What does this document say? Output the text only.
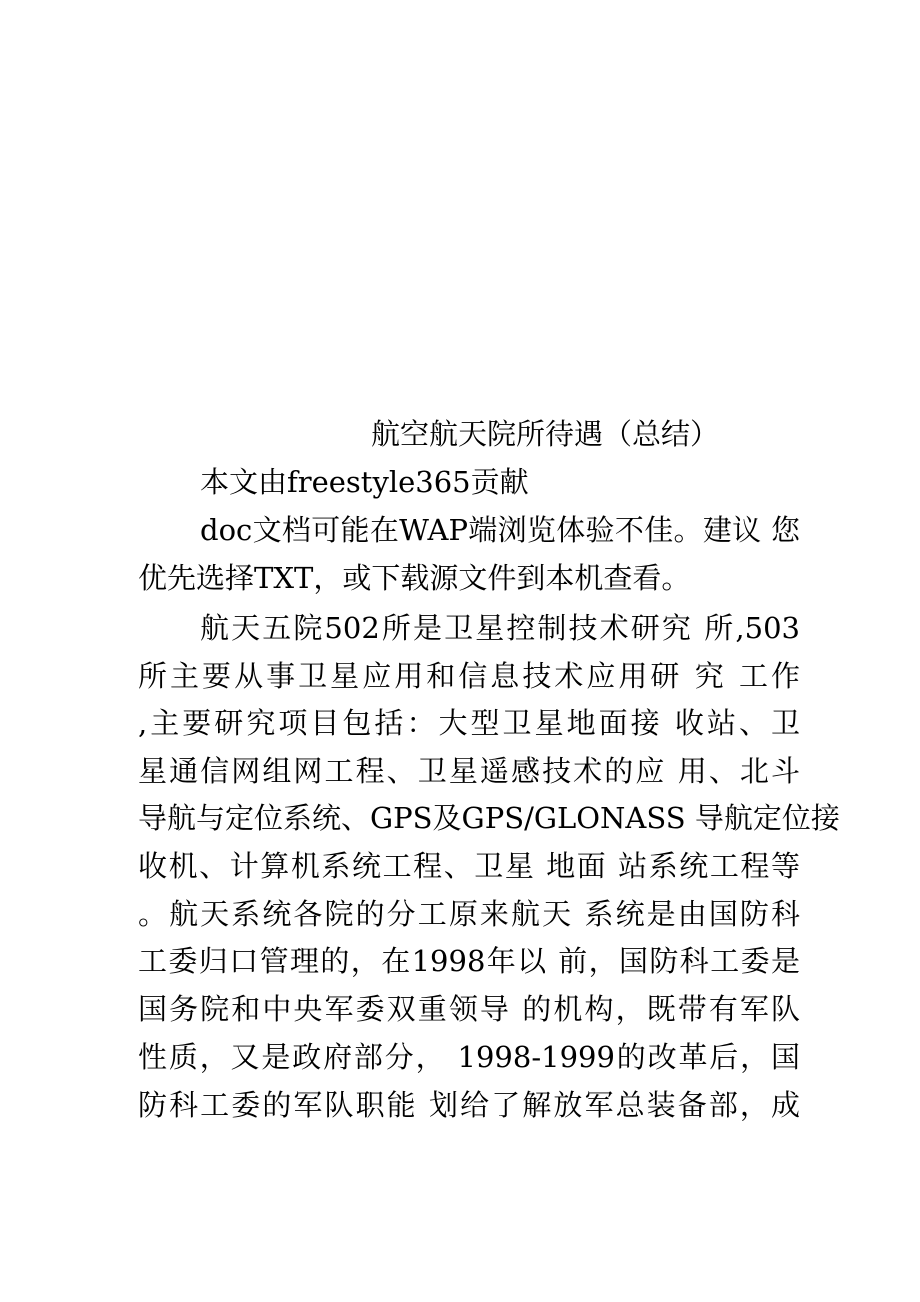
航空航天院所待遇（总结）
本文由freestyle365贡献
doc文档可能在WAP端浏览体验不佳。建议 您
优先选择TXT，或下载源文件到本机查看。
航天五院502所是卫星控制技术研究 所,503
所主要从事卫星应用和信息技术应用研 究 工作
,主要研究项目包括：大型卫星地面接 收站、卫
星通信网组网工程、卫星遥感技术的应 用、北斗
导航与定位系统、GPS及GPS/GLONASS 导航定位接
收机、计算机系统工程、卫星 地面 站系统工程等
。航天系统各院的分工原来航天 系统是由国防科
工委归口管理的，在1998年以 前，国防科工委是
国务院和中央军委双重领导 的机构，既带有军队
性质，又是政府部分， 1998-1999的改革后，国
防科工委的军队职能 划给了解放军总装备部，成
